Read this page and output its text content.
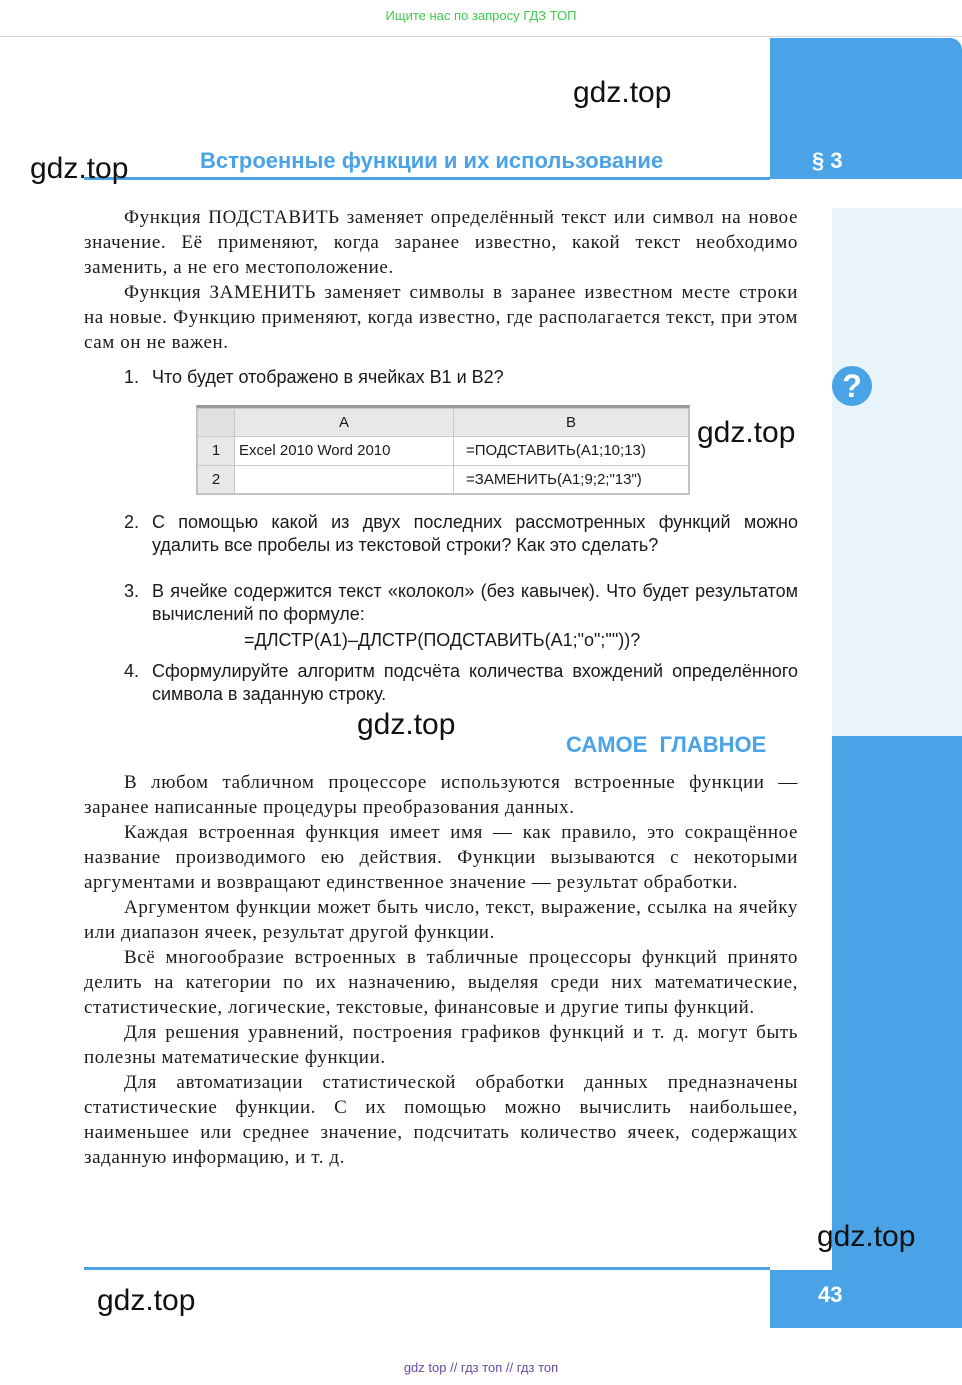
Ищите нас по запросу ГДЗ ТОП
Встроенные функции и их использование	§ 3
gdz.top
gdz.top
gdz.top
gdz.top
gdz.top
gdz.top
?

Функция ПОДСТАВИТЬ заменяет определённый текст или символ на новое значение. Её применяют, когда заранее известно, какой текст необходимо заменить, а не его местоположение.

Функция ЗАМЕНИТЬ заменяет символы в заранее известном месте строки на новые. Функцию применяют, когда известно, где располагается текст, при этом сам он не важен.

1. Что будет отображено в ячейках B1 и B2?
	A	B
1	Excel 2010 Word 2010	=ПОДСТАВИТЬ(A1;10;13)
2		=ЗАМЕНИТЬ(A1;9;2;"13")
2. С помощью какой из двух последних рассмотренных функций можно удалить все пробелы из текстовой строки? Как это сделать?
3. В ячейке содержится текст «колокол» (без кавычек). Что будет результатом вычислений по формуле:
=ДЛСТР(A1)–ДЛСТР(ПОДСТАВИТЬ(A1;"о";""))?
4. Сформулируйте алгоритм подсчёта количества вхождений определённого символа в заданную строку.
САМОЕ ГЛАВНОЕ

В любом табличном процессоре используются встроенные функции — заранее написанные процедуры преобразования данных.

Каждая встроенная функция имеет имя — как правило, это сокращённое название производимого ею действия. Функции вызываются с некоторыми аргументами и возвращают единственное значение — результат обработки.

Аргументом функции может быть число, текст, выражение, ссылка на ячейку или диапазон ячеек, результат другой функции.

Всё многообразие встроенных в табличные процессоры функций принято делить на категории по их назначению, выделяя среди них математические, статистические, логические, текстовые, финансовые и другие типы функций.

Для решения уравнений, построения графиков функций и т. д. могут быть полезны математические функции.

Для автоматизации статистической обработки данных предназначены статистические функции. С их помощью можно вычислить наибольшее, наименьшее или среднее значение, подсчитать количество ячеек, содержащих заданную информацию, и т. д.

43
gdz top // гдз топ // гдз топ
